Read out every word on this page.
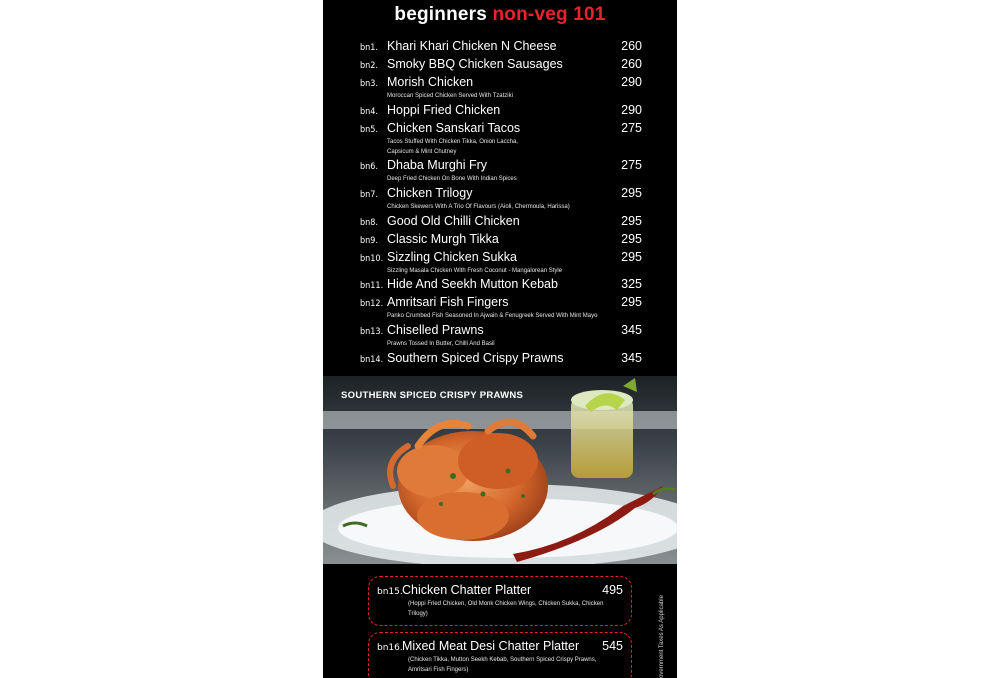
beginners non-veg 101
bn1. Khari Khari Chicken N Cheese	260
bn2. Smoky BBQ Chicken Sausages	260
bn3. Morish Chicken	290
Moroccan Spiced Chicken Served With Tzatziki
bn4. Hoppi Fried Chicken	290
bn5. Chicken Sanskari Tacos	275
Tacos Stuffed With Chicken Tikka, Onion Laccha, Capsicum & Mint Chutney
bn6. Dhaba Murghi Fry	275
Deep Fried Chicken On Bone With Indian Spices
bn7. Chicken Trilogy	295
Chicken Skewers With A Trio Of Flavours (Aioli, Chermoula, Harissa)
bn8. Good Old Chilli Chicken	295
bn9. Classic Murgh Tikka	295
bn10. Sizzling Chicken Sukka	295
Sizzling Masala Chicken With Fresh Coconut - Mangalorean Style
bn11. Hide And Seekh Mutton Kebab	325
bn12. Amritsari Fish Fingers	295
Panko Crumbed Fish Seasoned In Ajwain & Fenugreek Served With Mint Mayo
bn13. Chiselled Prawns	345
Prawns Tossed In Butter, Chilli And Basil
bn14. Southern Spiced Crispy Prawns	345
SOUTHERN SPICED CRISPY PRAWNS
bn15. Chicken Chatter Platter	495
(Hoppi Fried Chicken, Old Monk Chicken Wings, Chicken Sukka, Chicken Trilogy)
bn16. Mixed Meat Desi Chatter Platter 545
(Chicken Tikka, Mutton Seekh Kebab, Southern Spiced Crispy Prawns, Amritsari Fish Fingers)	overnment Taxes As Applicable
